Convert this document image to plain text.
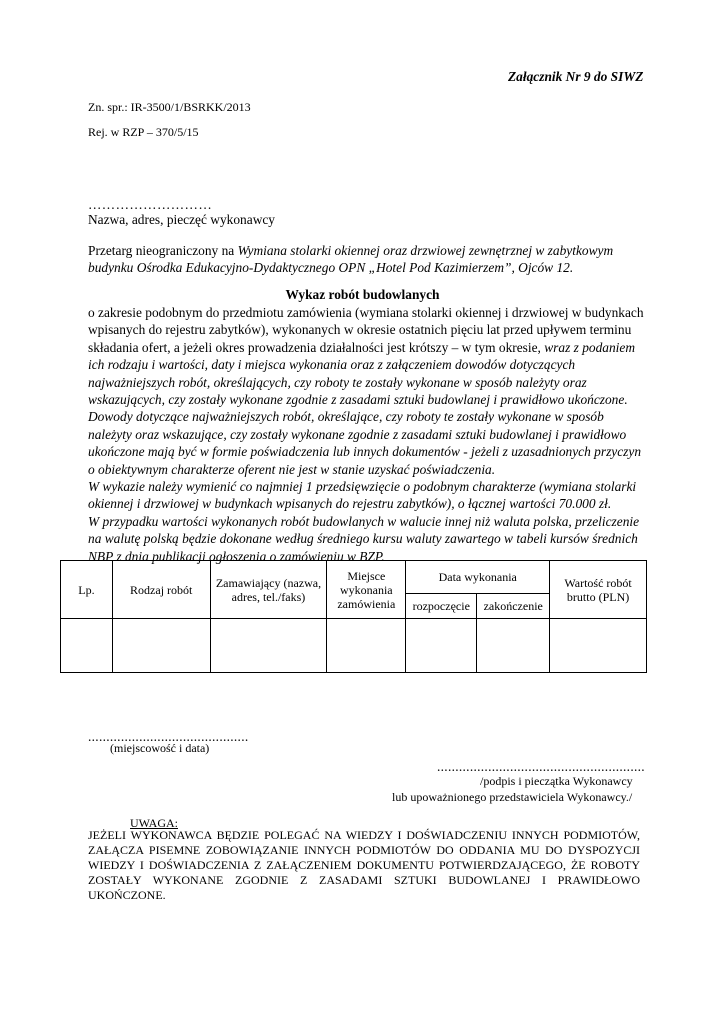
Załącznik Nr 9 do SIWZ
Zn. spr.: IR-3500/1/BSRKK/2013
Rej. w RZP – 370/5/15
………………………
Nazwa, adres, pieczęć wykonawcy
Przetarg nieograniczony na Wymiana stolarki okiennej oraz drzwiowej zewnętrznej w zabytkowym budynku Ośrodka Edukacyjno-Dydaktycznego OPN „Hotel Pod Kazimierzem”, Ojców 12.
Wykaz robót budowlanych

o zakresie podobnym do przedmiotu zamówienia (wymiana stolarki okiennej i drzwiowej w budynkach wpisanych do rejestru zabytków), wykonanych w okresie ostatnich pięciu lat przed upływem terminu składania ofert, a jeżeli okres prowadzenia działalności jest krótszy – w tym okresie, wraz z podaniem ich rodzaju i wartości, daty i miejsca wykonania oraz z załączeniem dowodów dotyczących najważniejszych robót, określających, czy roboty te zostały wykonane w sposób należyty oraz wskazujących, czy zostały wykonane zgodnie z zasadami sztuki budowlanej i prawidłowo ukończone.

Dowody dotyczące najważniejszych robót, określające, czy roboty te zostały wykonane w sposób należyty oraz wskazujące, czy zostały wykonane zgodnie z zasadami sztuki budowlanej i prawidłowo ukończone mają być w formie poświadczenia lub innych dokumentów - jeżeli z uzasadnionych przyczyn o obiektywnym charakterze oferent nie jest w stanie uzyskać poświadczenia.

W wykazie należy wymienić co najmniej 1 przedsięwzięcie o podobnym charakterze (wymiana stolarki okiennej i drzwiowej w budynkach wpisanych do rejestru zabytków), o łącznej wartości 70.000 zł.

W przypadku wartości wykonanych robót budowlanych w walucie innej niż waluta polska, przeliczenie na walutę polską będzie dokonane według średniego kursu waluty zawartego w tabeli kursów średnich NBP z dnia publikacji ogłoszenia o zamówieniu w BZP.

Lp.	Rodzaj robót	Zamawiający (nazwa, adres, tel./faks)	Miejsce wykonania zamówienia	Data wykonania		Wartość robót brutto (PLN)
				rozpoczęcie	zakończenie	

............................................
(miejscowość i data)
.........................................................
/podpis i pieczątka Wykonawcy
lub upoważnionego przedstawiciela Wykonawcy./
UWAGA:
JEŻELI WYKONAWCA BĘDZIE POLEGAĆ NA WIEDZY I DOŚWIADCZENIU INNYCH PODMIOTÓW, ZAŁĄCZA PISEMNE ZOBOWIĄZANIE INNYCH PODMIOTÓW DO ODDANIA MU DO DYSPOZYCJI WIEDZY I DOŚWIADCZENIA Z ZAŁĄCZENIEM DOKUMENTU POTWIERDZAJĄCEGO, ŻE ROBOTY ZOSTAŁY WYKONANE ZGODNIE Z ZASADAMI SZTUKI BUDOWLANEJ I PRAWIDŁOWO UKOŃCZONE.
